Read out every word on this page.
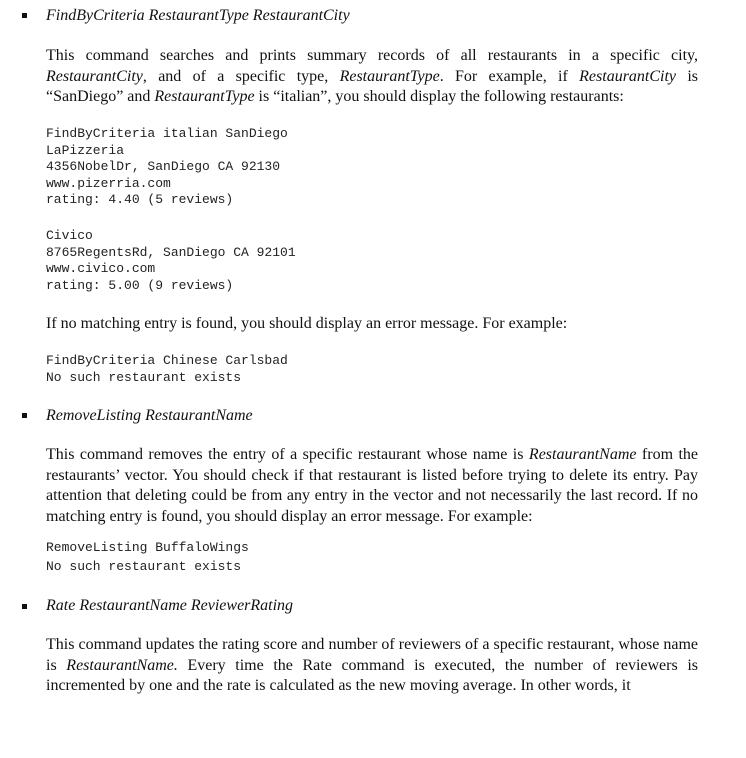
FindByCriteria RestaurantType RestaurantCity
This command searches and prints summary records of all restaurants in a specific city, RestaurantCity, and of a specific type, RestaurantType. For example, if RestaurantCity is “SanDiego” and RestaurantType is “italian”, you should display the following restaurants:
FindByCriteria italian SanDiego
LaPizzeria
4356NobelDr, SanDiego CA 92130
www.pizerria.com
rating: 4.40 (5 reviews)
Civico
8765RegentsRd, SanDiego CA 92101
www.civico.com
rating: 5.00 (9 reviews)
If no matching entry is found, you should display an error message. For example:
FindByCriteria Chinese Carlsbad
No such restaurant exists
RemoveListing RestaurantName
This command removes the entry of a specific restaurant whose name is RestaurantName from the restaurants’ vector. You should check if that restaurant is listed before trying to delete its entry. Pay attention that deleting could be from any entry in the vector and not necessarily the last record. If no matching entry is found, you should display an error message. For example:
RemoveListing BuffaloWings
No such restaurant exists
Rate RestaurantName ReviewerRating
This command updates the rating score and number of reviewers of a specific restaurant, whose name is RestaurantName. Every time the Rate command is executed, the number of reviewers is incremented by one and the rate is calculated as the new moving average. In other words, it
